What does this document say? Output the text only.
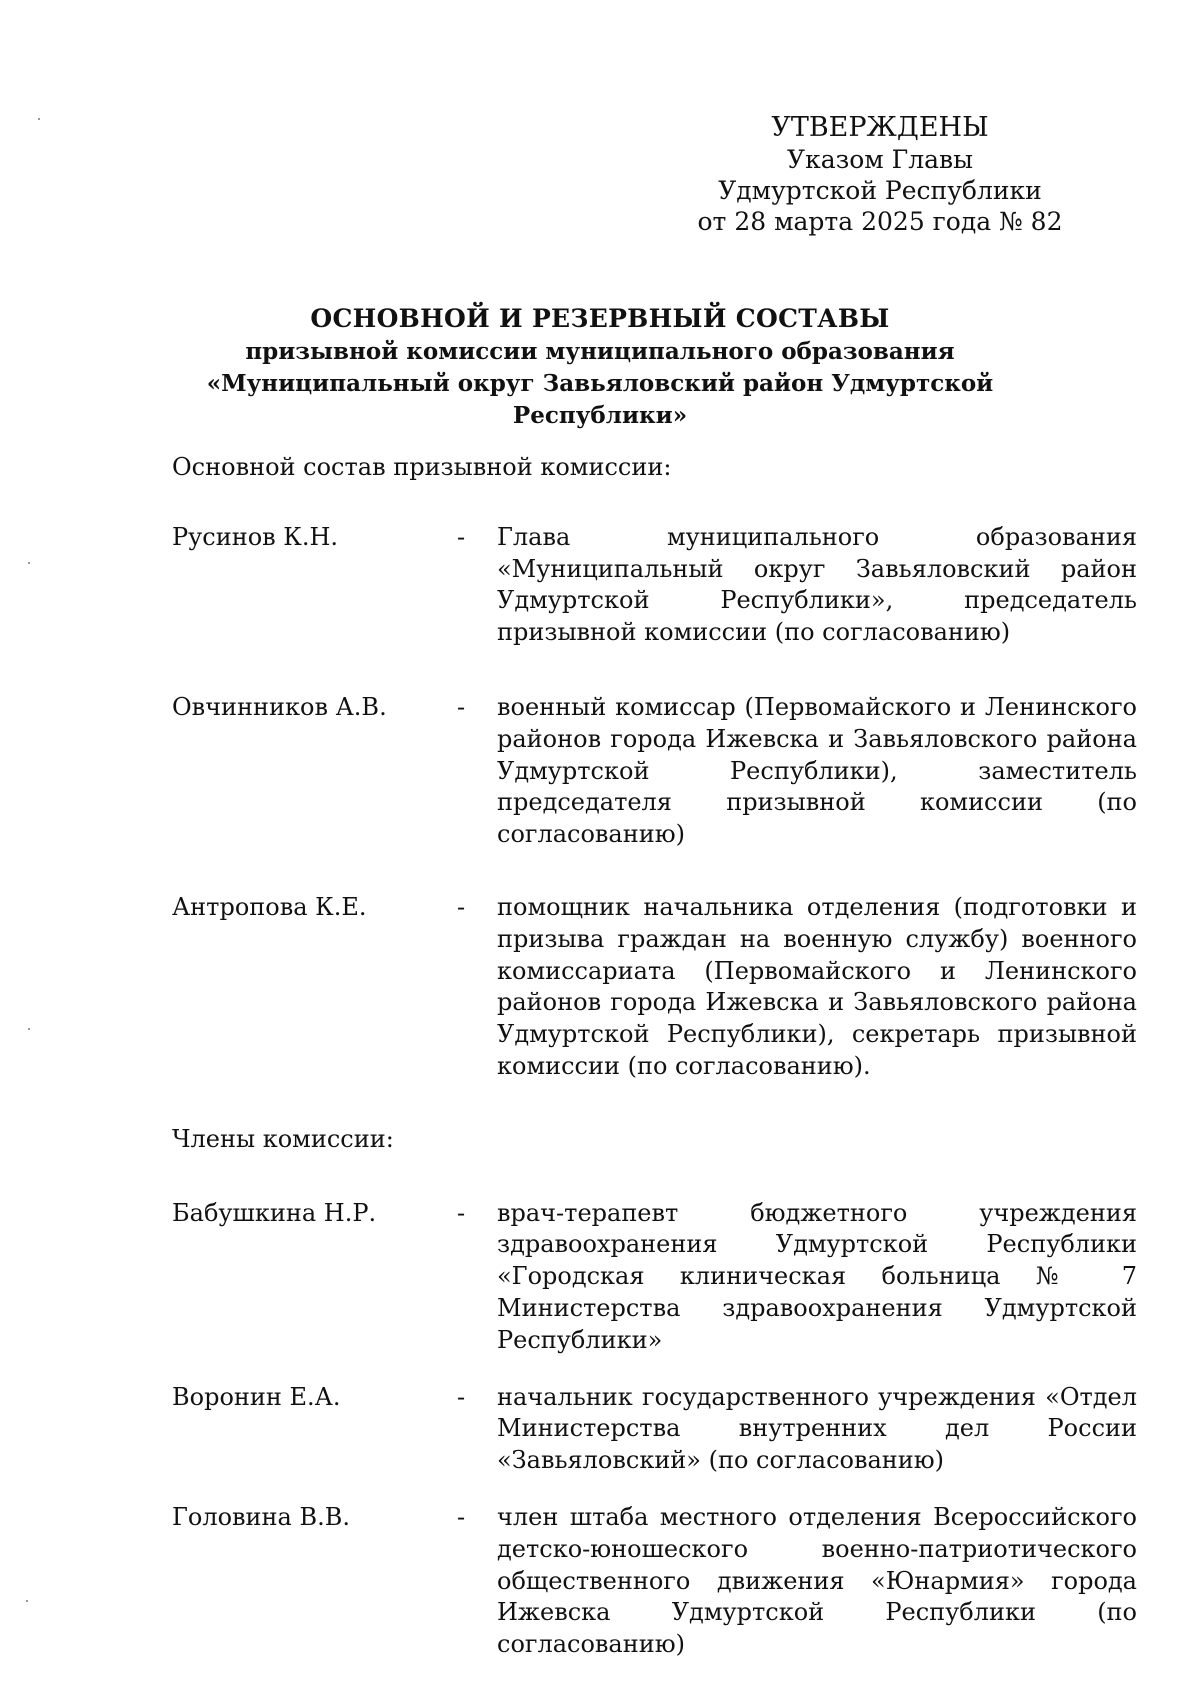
УТВЕРЖДЕНЫ
Указом Главы
Удмуртской Республики
от 28 марта 2025 года № 82
ОСНОВНОЙ И РЕЗЕРВНЫЙ СОСТАВЫ
призывной комиссии муниципального образования
«Муниципальный округ Завьяловский район Удмуртской Республики»
Основной состав призывной комиссии:
Русинов К.Н.	-	Глава муниципального образования «Муниципальный округ Завьяловский район Удмуртской Республики», председатель призывной комиссии (по согласованию)
Овчинников А.В.	-	военный комиссар (Первомайского и Ленинского районов города Ижевска и Завьяловского района Удмуртской Республики), заместитель председателя призывной комиссии (по согласованию)
Антропова К.Е.	-	помощник начальника отделения (подготовки и призыва граждан на военную службу) военного комиссариата (Первомайского и Ленинского районов города Ижевска и Завьяловского района Удмуртской Республики), секретарь призывной комиссии (по согласованию).
Члены комиссии:
Бабушкина Н.Р.	-	врач-терапевт бюджетного учреждения здравоохранения Удмуртской Республики «Городская клиническая больница № 7 Министерства здравоохранения Удмуртской Республики»
Воронин Е.А.	-	начальник государственного учреждения «Отдел Министерства внутренних дел России «Завьяловский» (по согласованию)
Головина В.В.	-	член штаба местного отделения Всероссийского детско-юношеского военно-патриотического общественного движения «Юнармия» города Ижевска Удмуртской Республики (по согласованию)
